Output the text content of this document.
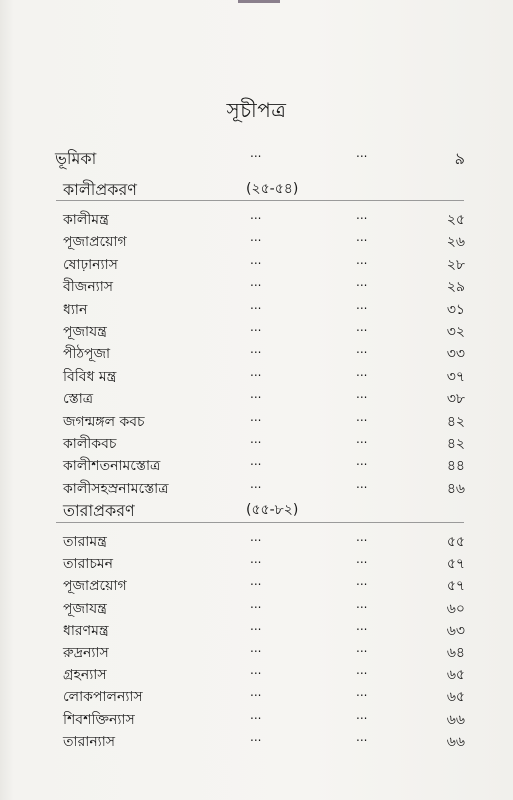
সূচীপত্র
ভূমিকা	...	...	৯
কালীপ্রকরণ	(২৫-৫৪)
কালীমন্ত্র	...	...	২৫
পূজাপ্রয়োগ	...	...	২৬
ষোঢ়ান্যাস	...	...	২৮
বীজন্যাস	...	...	২৯
ধ্যান	...	...	৩১
পূজাযন্ত্র	...	...	৩২
পীঠপূজা	...	...	৩৩
বিবিধ মন্ত্র	...	...	৩৭
স্তোত্র	...	...	৩৮
জগন্মঙ্গল কবচ	...	...	৪২
কালীকবচ	...	...	৪২
কালীশতনামস্তোত্র	...	...	৪৪
কালীসহস্রনামস্তোত্র	...	...	৪৬
তারাপ্রকরণ	(৫৫-৮২)
তারামন্ত্র	...	...	৫৫
তারাচমন	...	...	৫৭
পূজাপ্রয়োগ	...	...	৫৭
পূজাযন্ত্র	...	...	৬০
ধারণমন্ত্র	...	...	৬৩
রুদ্রন্যাস	...	...	৬৪
গ্রহন্যাস	...	...	৬৫
লোকপালন্যাস	...	...	৬৫
শিবশক্তিন্যাস	...	...	৬৬
তারান্যাস	...	...	৬৬
